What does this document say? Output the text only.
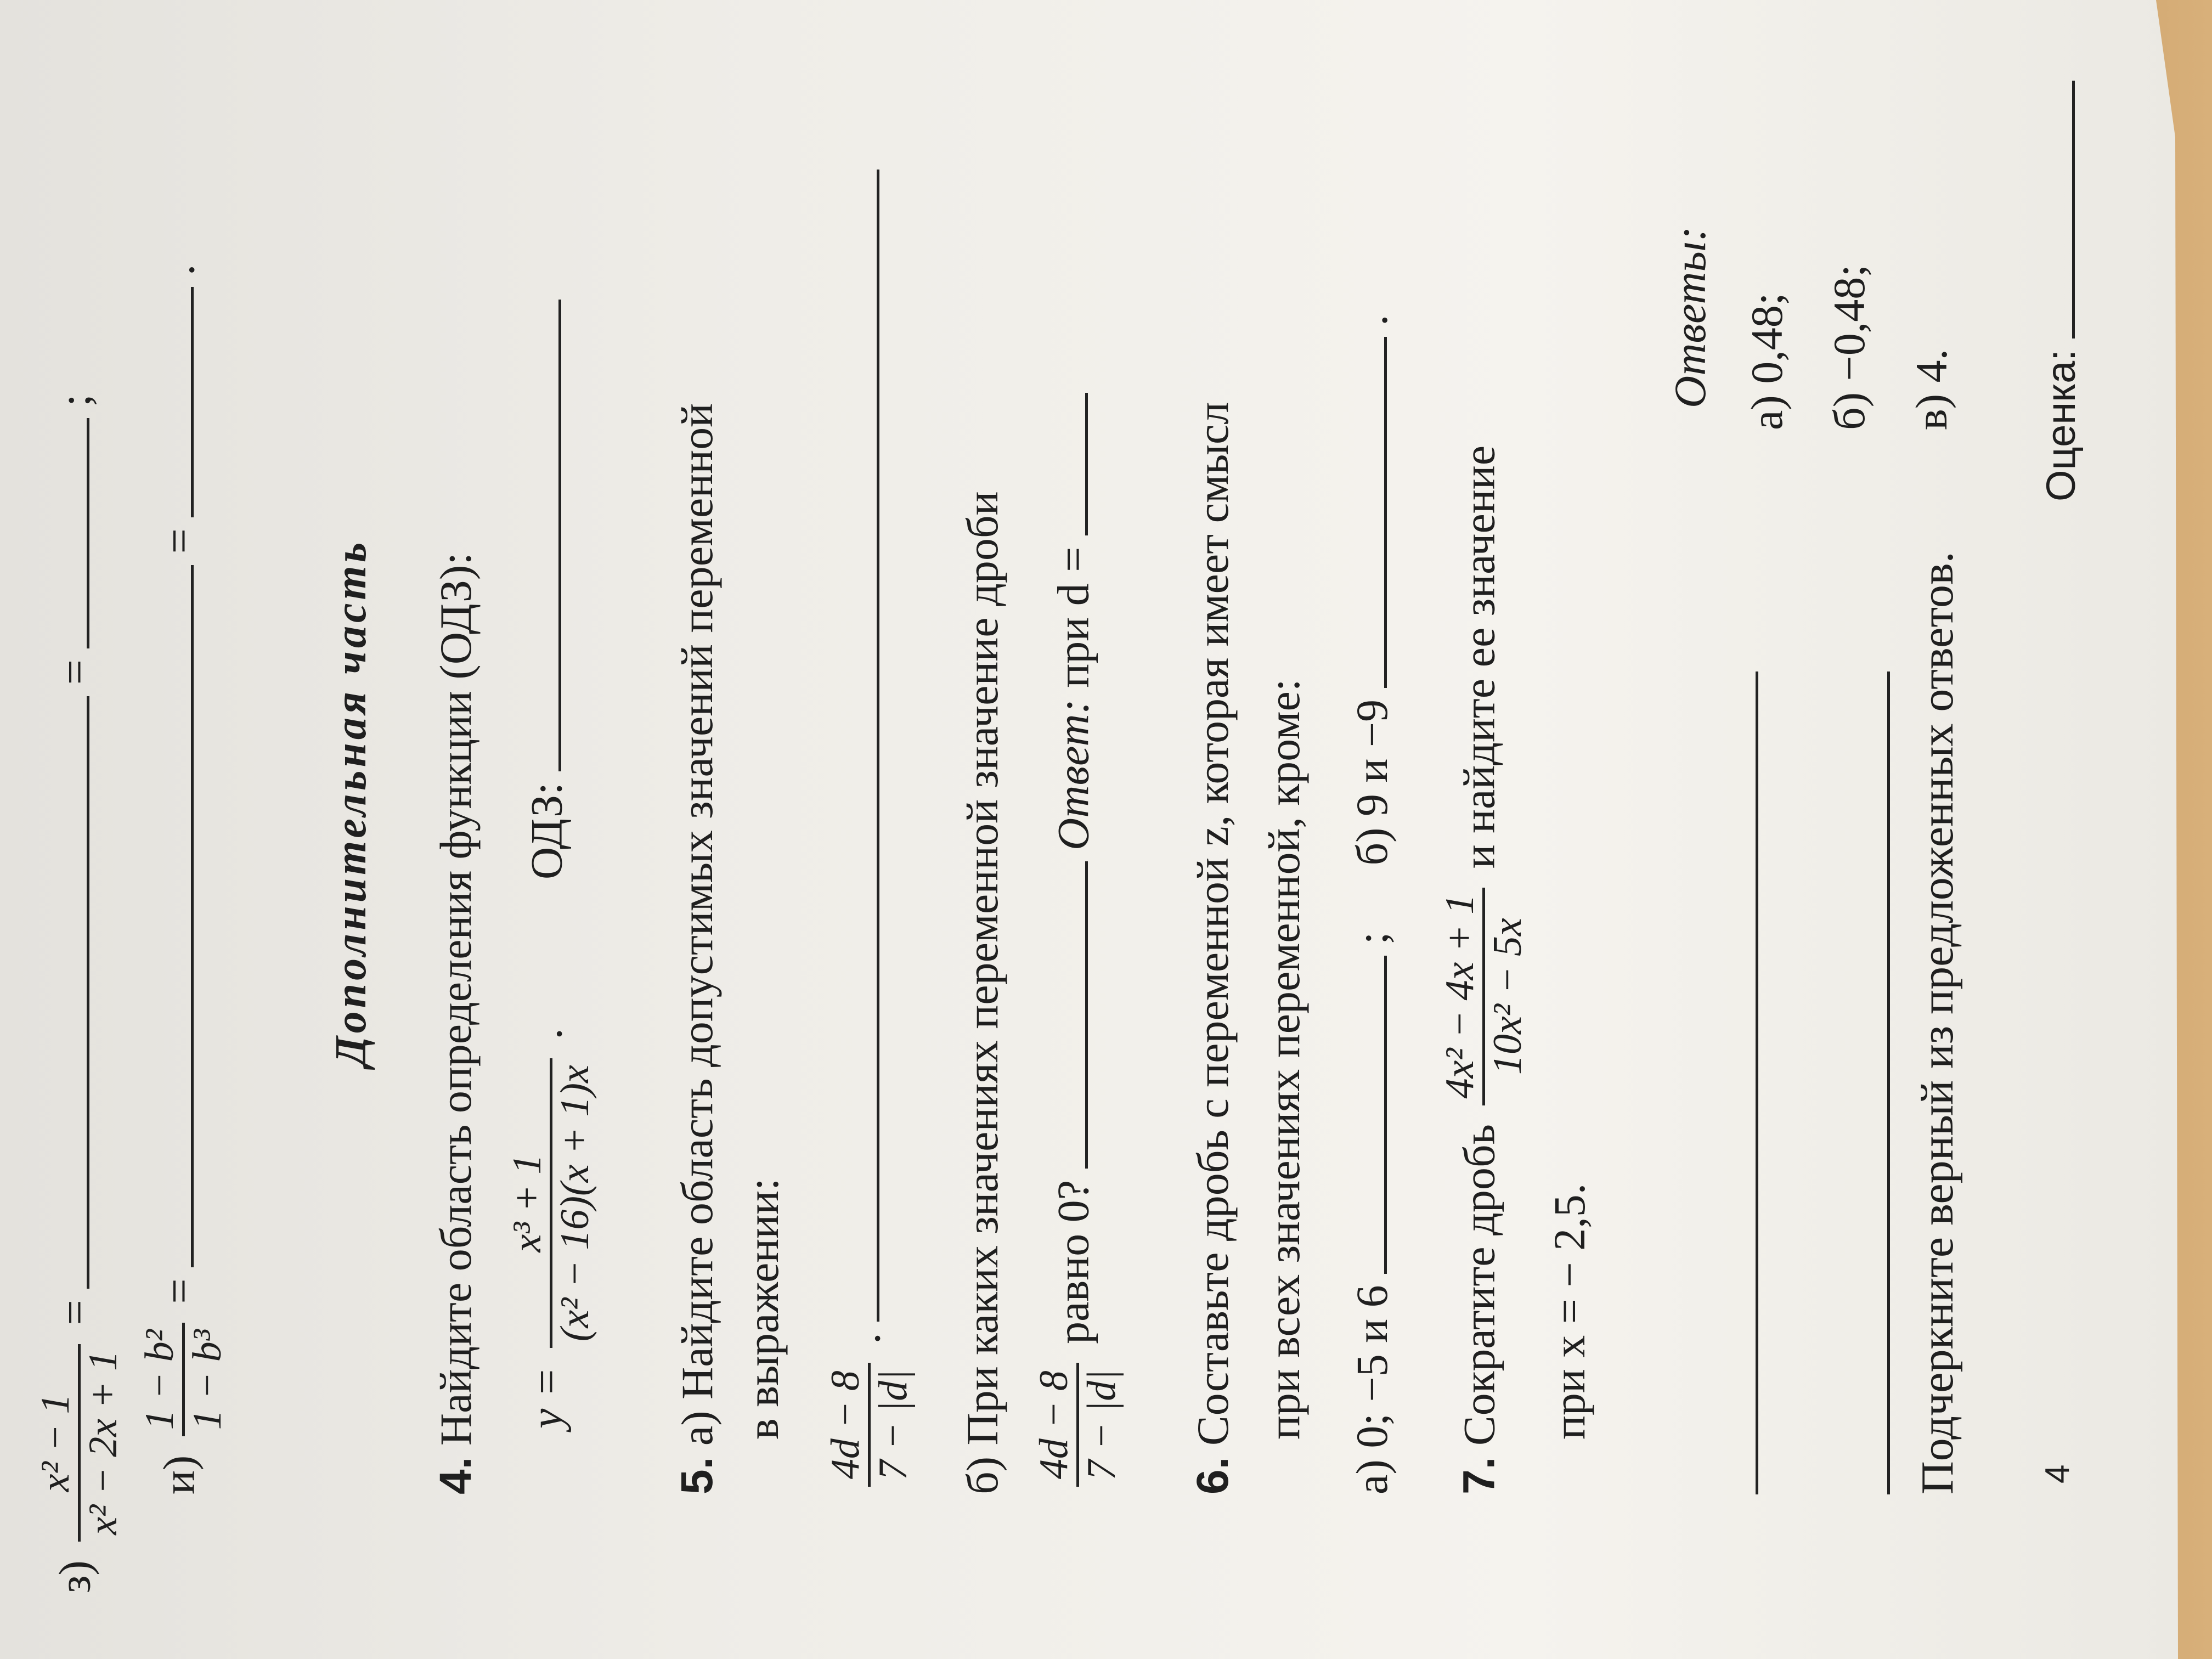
з)
x² − 1 x² − 2x + 1
=  =  ;
и)
1 − b² 1 − b³
=  =  .
Дополнительная часть
4. Найдите область определения функции (ОДЗ): y =
x³ + 1 (x² − 16)(x + 1)x
.  ОДЗ:
5. а) Найдите область допустимых значений переменной в выражении: 4d − 8 7 − |d|
.	б) При каких значениях переменной значение дроби 4d − 8 7 − |d|
равно 0?  Ответ: при d =
6. Составьте дробь с переменной z, которая имеет смысл при всех значениях переменной, кроме: а) 0; −5 и 6  ;  б) 9 и −9  .
7. Сократите дробь
4x² − 4x + 1 10x² − 5x
и найдите ее значение
при x = − 2,5.
Ответы: а) 0,48; б) −0,48; в) 4.
Подчеркните верный из предложенных ответов.
Оценка:
4
